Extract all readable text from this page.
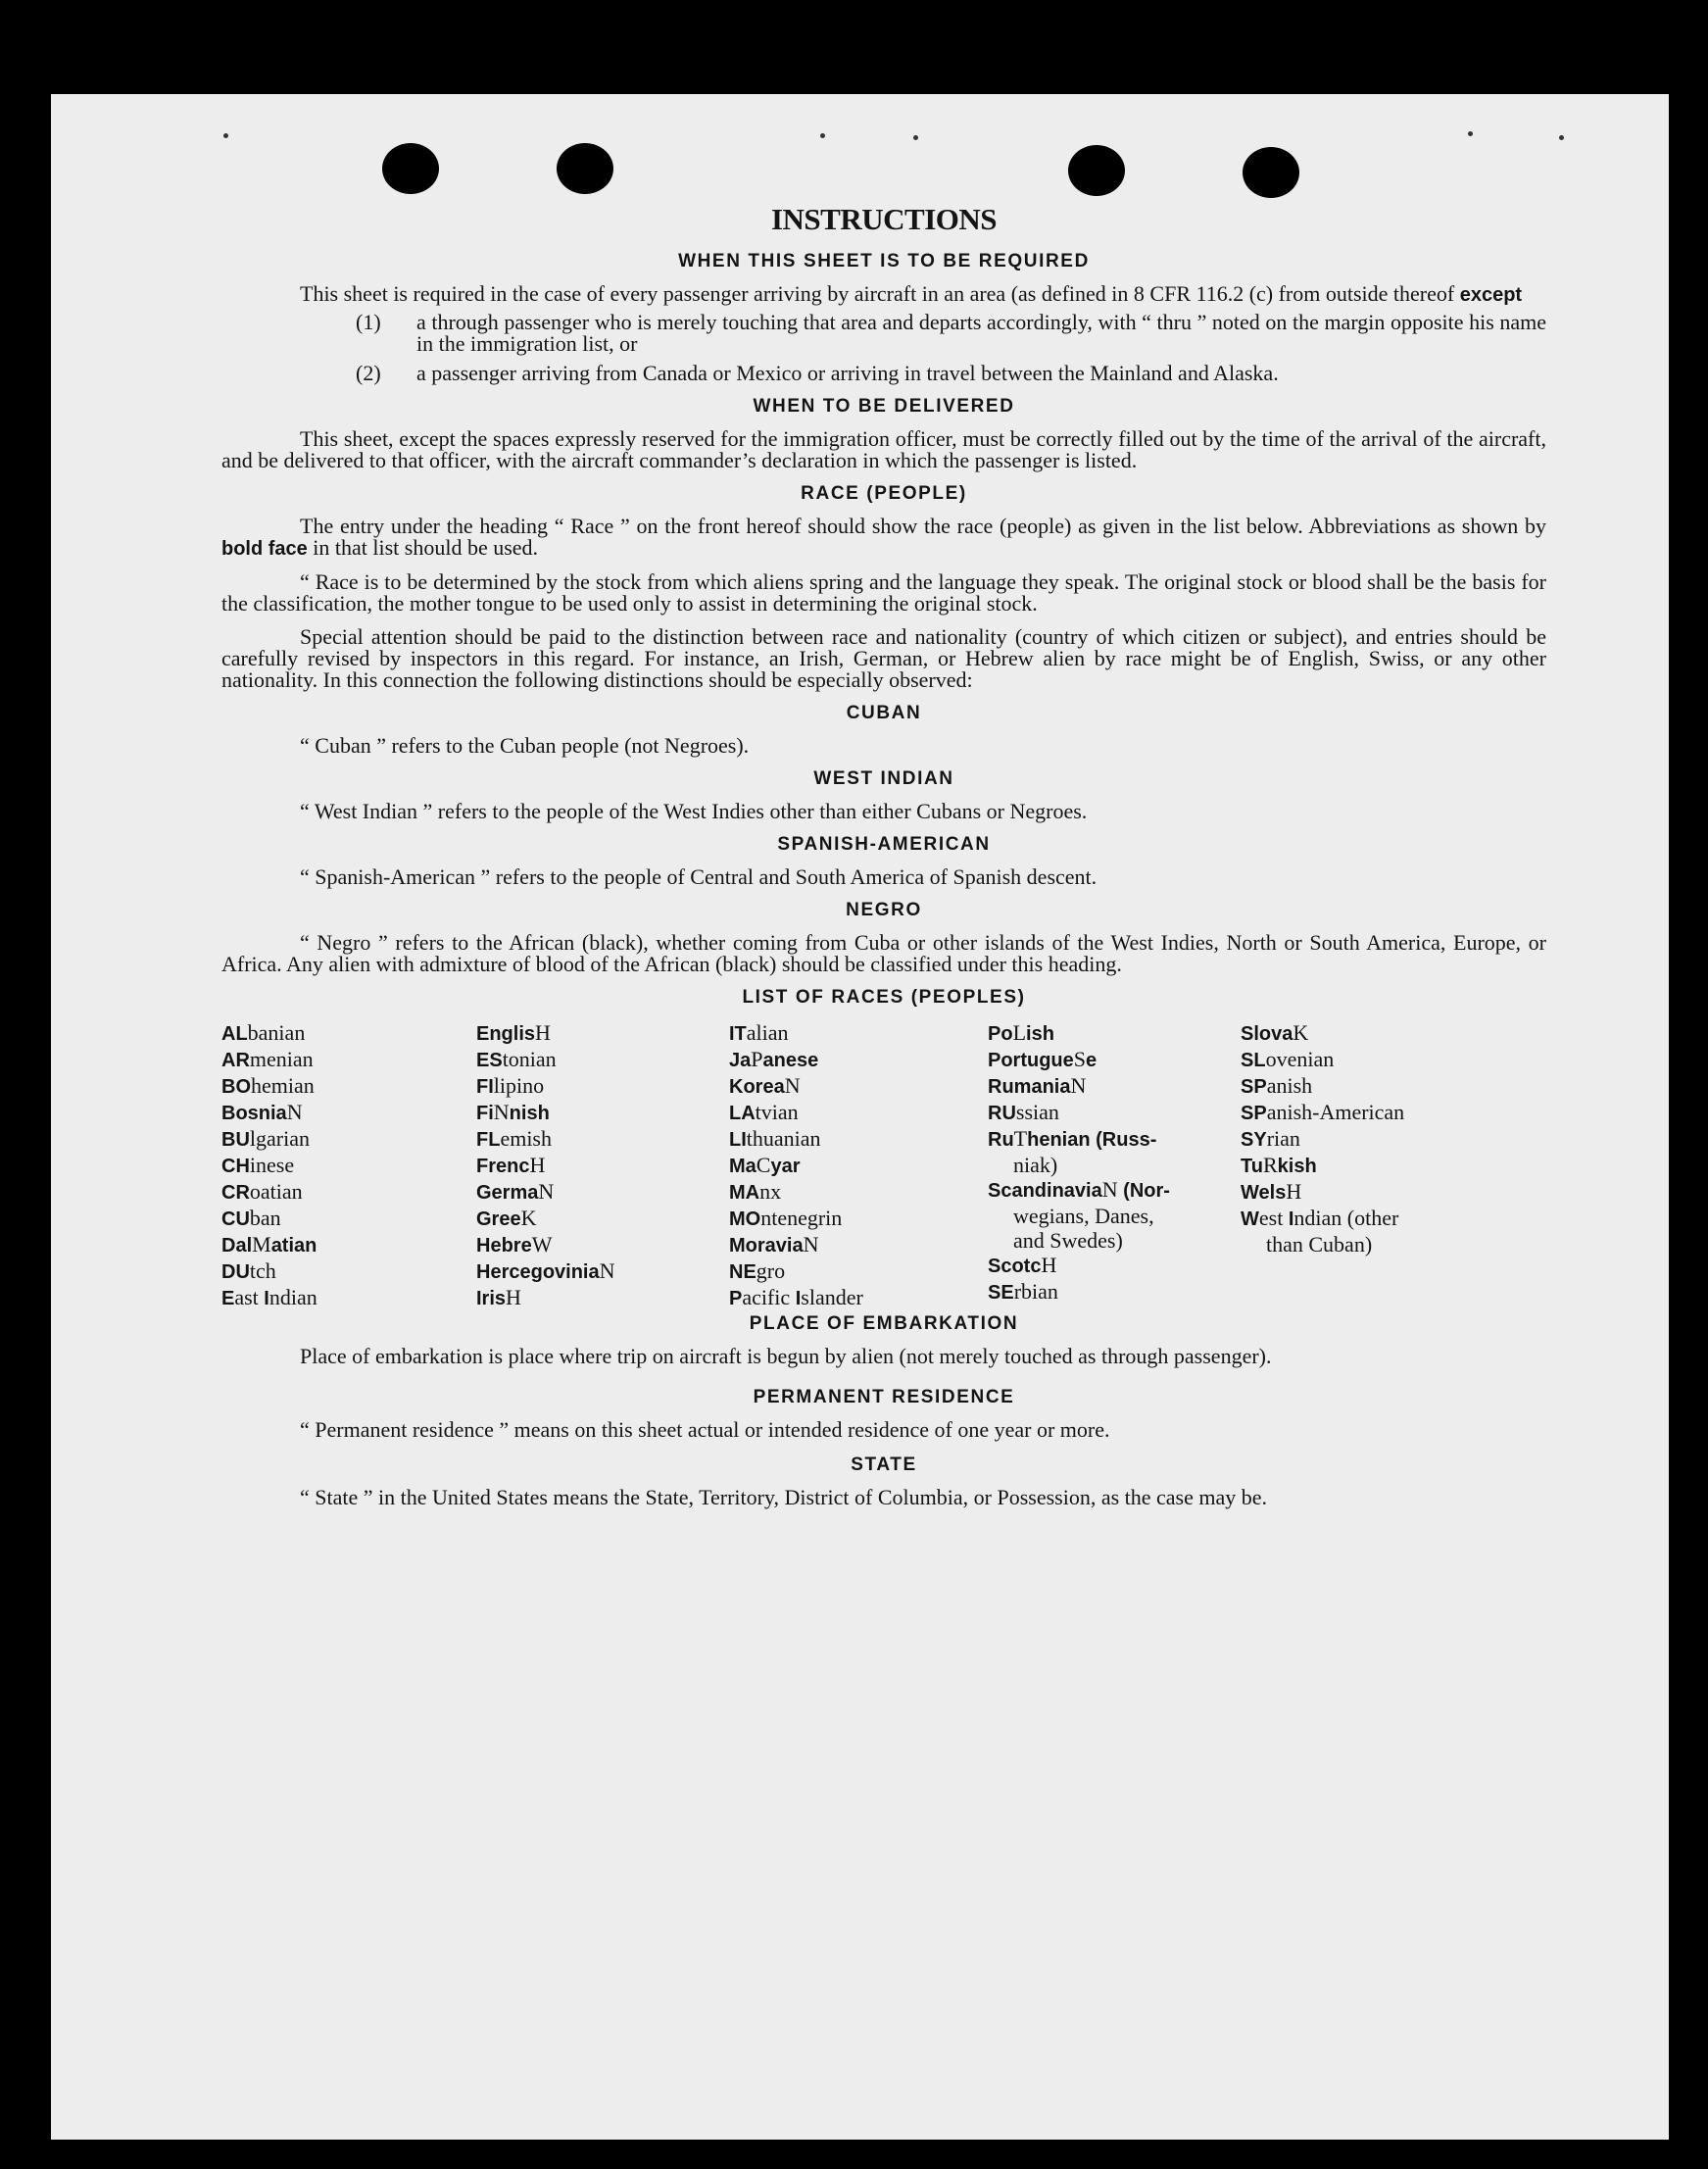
INSTRUCTIONS
WHEN THIS SHEET IS TO BE REQUIRED

This sheet is required in the case of every passenger arriving by aircraft in an area (as defined in 8 CFR 116.2 (c) from outside thereof except

(1)	a through passenger who is merely touching that area and departs accordingly, with “ thru ” noted on the margin opposite his name in the immigration list, or
(2)	a passenger arriving from Canada or Mexico or arriving in travel between the Mainland and Alaska.
WHEN TO BE DELIVERED

This sheet, except the spaces expressly reserved for the immigration officer, must be correctly filled out by the time of the arrival of the aircraft, and be delivered to that officer, with the aircraft commander’s declaration in which the passenger is listed.

RACE (PEOPLE)

The entry under the heading “ Race ” on the front hereof should show the race (people) as given in the list below. Abbreviations as shown by bold face in that list should be used.

“ Race is to be determined by the stock from which aliens spring and the language they speak. The original stock or blood shall be the basis for the classification, the mother tongue to be used only to assist in determining the original stock.

Special attention should be paid to the distinction between race and nationality (country of which citizen or subject), and entries should be carefully revised by inspectors in this regard. For instance, an Irish, German, or Hebrew alien by race might be of English, Swiss, or any other nationality. In this connection the following distinctions should be especially observed:

CUBAN

“ Cuban ” refers to the Cuban people (not Negroes).

WEST INDIAN

“ West Indian ” refers to the people of the West Indies other than either Cubans or Negroes.

SPANISH-AMERICAN

“ Spanish-American ” refers to the people of Central and South America of Spanish descent.

NEGRO

“ Negro ” refers to the African (black), whether coming from Cuba or other islands of the West Indies, North or South America, Europe, or Africa. Any alien with admixture of blood of the African (black) should be classified under this heading.

LIST OF RACES (PEOPLES)
ALbanian
ARmenian
BOhemian
BosniaN
BUlgarian
CHinese
CRoatian
CUban
DalMatian
DUtch
East Indian
EnglisH
EStonian
FIlipino
FiNnish
FLemish
FrencH
GermaN
GreeK
HebreW
HercegoviniaN
IrisH
ITalian
JaPanese
KoreaN
LAtvian
LIthuanian
MaCyar
MAnx
MOntenegrin
MoraviaN
NEgro
Pacific Islander
PoLish
PortugueSe
RumaniaN
RUssian
RuThenian (Russ-
niak)
ScandinaviaN (Nor-
wegians, Danes,
and Swedes)
ScotcH
SErbian
SlovaK
SLovenian
SPanish
SPanish-American
SYrian
TuRkish
WelsH
West Indian (other
than Cuban)
PLACE OF EMBARKATION

Place of embarkation is place where trip on aircraft is begun by alien (not merely touched as through passenger).

PERMANENT RESIDENCE

“ Permanent residence ” means on this sheet actual or intended residence of one year or more.

STATE

“ State ” in the United States means the State, Territory, District of Columbia, or Possession, as the case may be.
